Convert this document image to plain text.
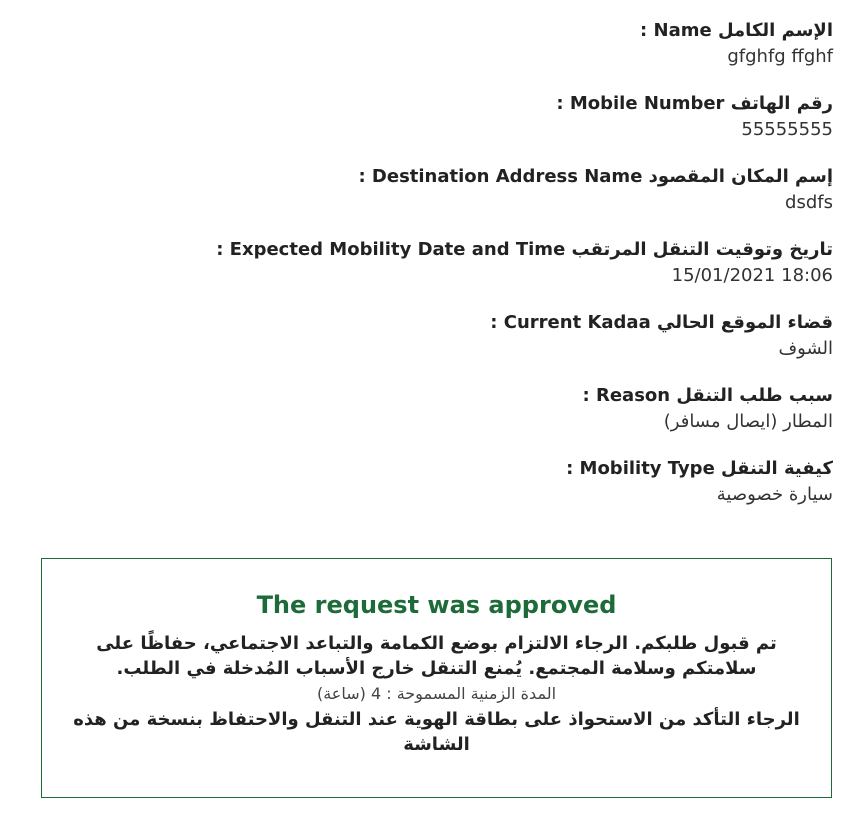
الإسم الكامل Name :
gfghfg ffghf
رقم الهاتف Mobile Number :
55555555
إسم المكان المقصود Destination Address Name :
dsdfs
تاريخ وتوقيت التنقل المرتقب Expected Mobility Date and Time :
18:06 15/01/2021
قضاء الموقع الحالي Current Kadaa :
الشوف
سبب طلب التنقل Reason :
المطار (ايصال مسافر)
كيفية التنقل Mobility Type :
سيارة خصوصية
The request was approved
تم قبول طلبكم. الرجاء الالتزام بوضع الكمامة والتباعد الاجتماعي، حفاظًا على سلامتكم وسلامة المجتمع. يُمنع التنقل خارج الأسباب المُدخلة في الطلب.
المدة الزمنية المسموحة : 4 (ساعة)
الرجاء التأكد من الاستحواذ على بطاقة الهوية عند التنقل والاحتفاظ بنسخة من هذه الشاشة
